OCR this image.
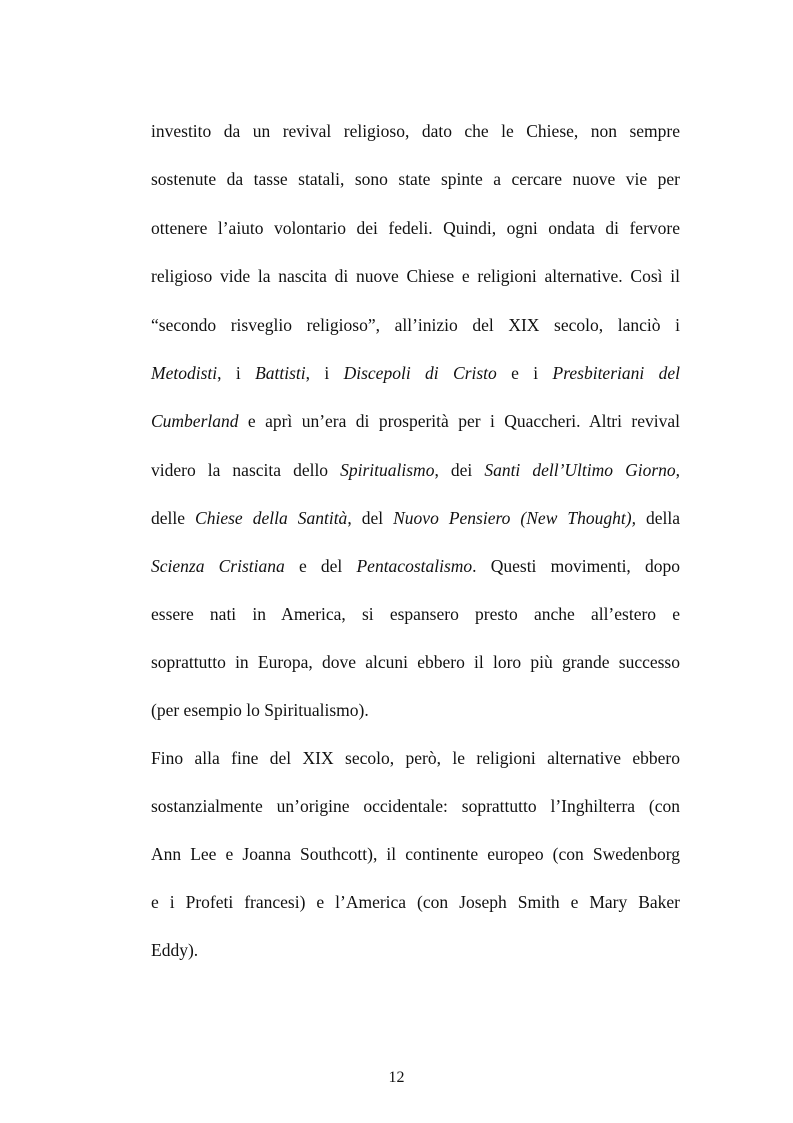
investito da un revival religioso, dato che le Chiese, non sempre
sostenute da tasse statali, sono state spinte a cercare nuove vie per
ottenere l’aiuto volontario dei fedeli. Quindi, ogni ondata di fervore
religioso vide la nascita di nuove Chiese e religioni alternative. Così il
“secondo risveglio religioso”, all’inizio del XIX secolo, lanciò i
Metodisti, i Battisti, i Discepoli di Cristo e i Presbiteriani del
Cumberland e aprì un’era di prosperità per i Quaccheri. Altri revival
videro la nascita dello Spiritualismo, dei Santi dell’Ultimo Giorno,
delle Chiese della Santità, del Nuovo Pensiero (New Thought), della
Scienza Cristiana e del Pentacostalismo. Questi movimenti, dopo
essere nati in America, si espansero presto anche all’estero e
soprattutto in Europa, dove alcuni ebbero il loro più grande successo
(per esempio lo Spiritualismo).
Fino alla fine del XIX secolo, però, le religioni alternative ebbero
sostanzialmente un’origine occidentale: soprattutto l’Inghilterra (con
Ann Lee e Joanna Southcott), il continente europeo (con Swedenborg
e i Profeti francesi) e l’America (con Joseph Smith e Mary Baker
Eddy).
12
